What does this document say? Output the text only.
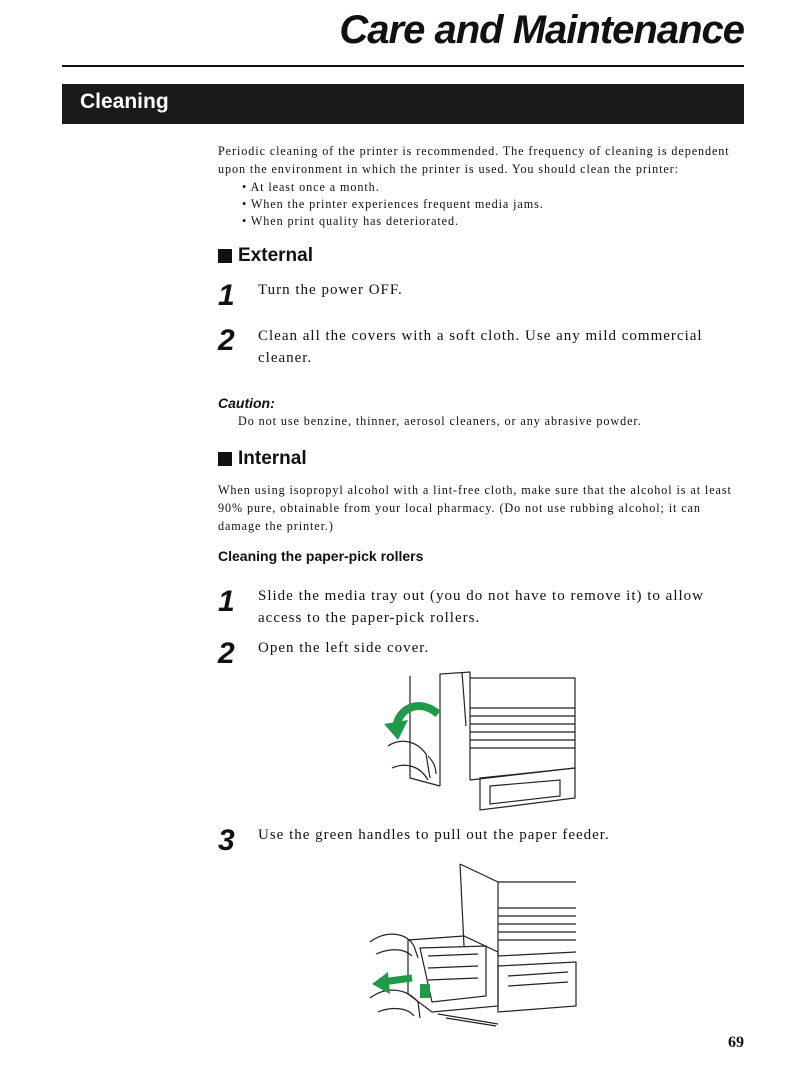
Care and Maintenance
Cleaning

Periodic cleaning of the printer is recommended. The frequency of cleaning is dependent upon the environment in which the printer is used. You should clean the printer:

• At least once a month.

• When the printer experiences frequent media jams.

• When print quality has deteriorated.

External

1 Turn the power OFF.

2 Clean all the covers with a soft cloth. Use any mild commercial cleaner.

Caution:

Do not use benzine, thinner, aerosol cleaners, or any abrasive powder.

Internal

When using isopropyl alcohol with a lint-free cloth, make sure that the alcohol is at least 90% pure, obtainable from your local pharmacy. (Do not use rubbing alcohol; it can damage the printer.)

Cleaning the paper-pick rollers

1 Slide the media tray out (you do not have to remove it) to allow access to the paper-pick rollers.

2 Open the left side cover.

3 Use the green handles to pull out the paper feeder.

69
